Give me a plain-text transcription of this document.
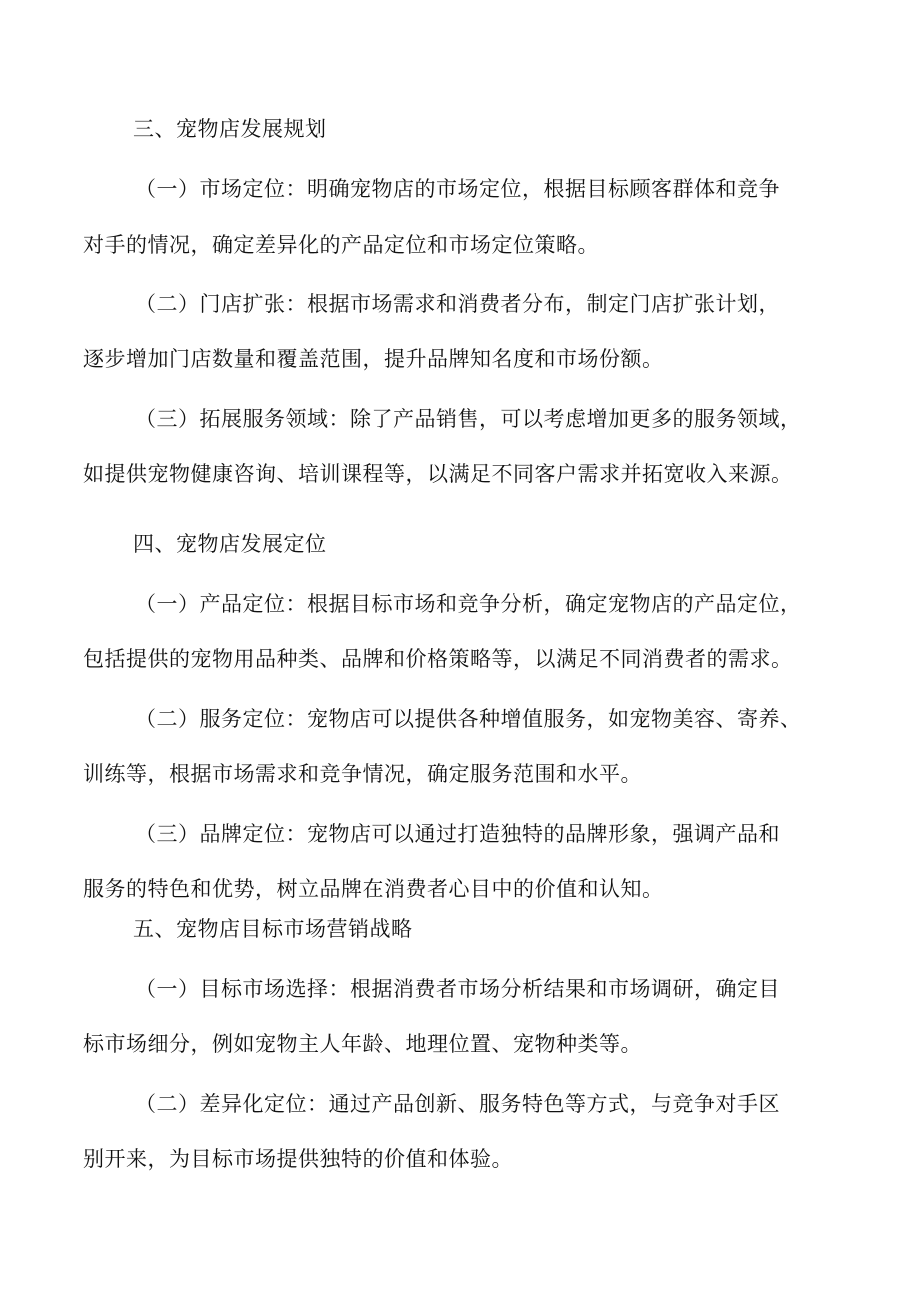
三、宠物店发展规划
（一）市场定位：明确宠物店的市场定位，根据目标顾客群体和竞争
对手的情况，确定差异化的产品定位和市场定位策略。
（二）门店扩张：根据市场需求和消费者分布，制定门店扩张计划，
逐步增加门店数量和覆盖范围，提升品牌知名度和市场份额。
（三）拓展服务领域：除了产品销售，可以考虑增加更多的服务领域，
如提供宠物健康咨询、培训课程等，以满足不同客户需求并拓宽收入来源。
四、宠物店发展定位
（一）产品定位：根据目标市场和竞争分析，确定宠物店的产品定位，
包括提供的宠物用品种类、品牌和价格策略等，以满足不同消费者的需求。
（二）服务定位：宠物店可以提供各种增值服务，如宠物美容、寄养、
训练等，根据市场需求和竞争情况，确定服务范围和水平。
（三）品牌定位：宠物店可以通过打造独特的品牌形象，强调产品和
服务的特色和优势，树立品牌在消费者心目中的价值和认知。
五、宠物店目标市场营销战略
（一）目标市场选择：根据消费者市场分析结果和市场调研，确定目
标市场细分，例如宠物主人年龄、地理位置、宠物种类等。
（二）差异化定位：通过产品创新、服务特色等方式，与竞争对手区
别开来，为目标市场提供独特的价值和体验。
